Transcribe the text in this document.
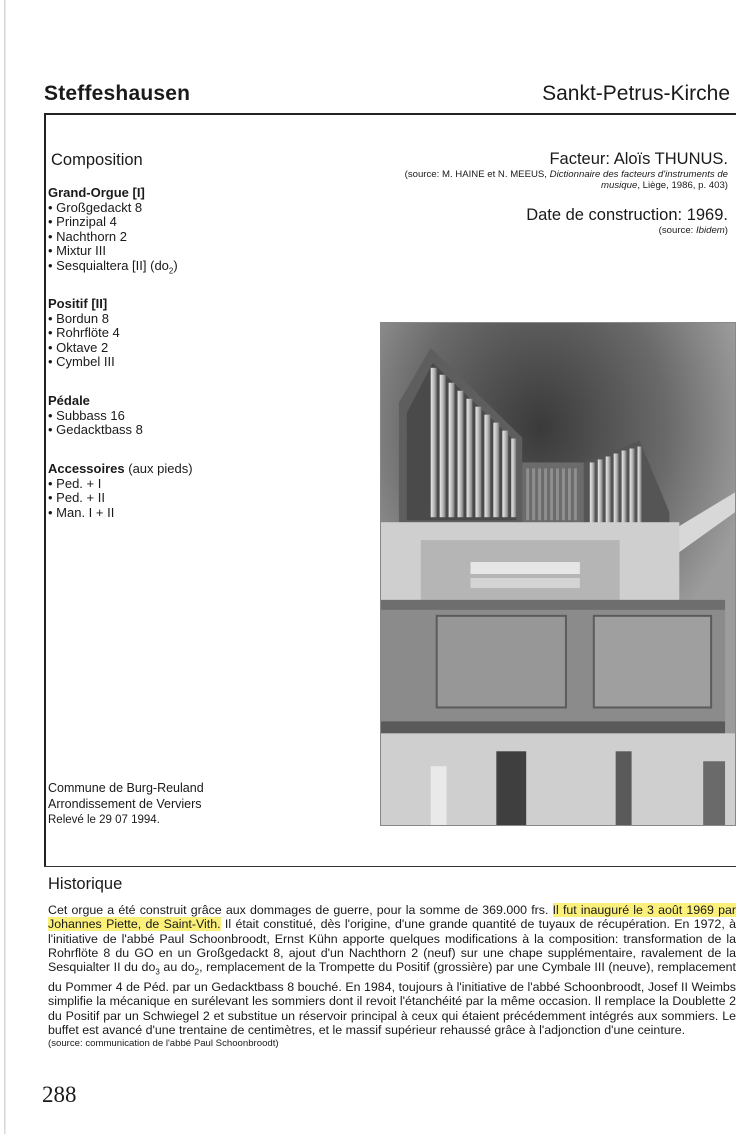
Steffeshausen	Sankt-Petrus-Kirche
Composition
Grand-Orgue [I]
• Großgedackt 8
• Prinzipal 4
• Nachthorn 2
• Mixtur III
• Sesquialtera [II] $(do_2)$
Positif [II]
• Bordun 8
• Rohrflöte 4
• Oktave 2
• Cymbel III
Pédale
• Subbass 16
• Gedacktbass 8
Accessoires (aux pieds)
• Ped. + I
• Ped. + II
• Man. I + II
Facteur: Aloïs THUNUS.
(source: M. HAINE et N. MEEUS, Dictionnaire des facteurs d'instruments de musique, Liège, 1986, p. 403)
Date de construction: 1969.
(source: Ibidem)
Commune de Burg-Reuland
Arrondissement de Verviers
Relevé le 29 07 1994.
Historique
Cet orgue a été construit grâce aux dommages de guerre, pour la somme de 369.000 frs. Il fut inauguré le 3 août 1969 par Johannes Piette, de Saint-Vith. Il était constitué, dès l'origine, d'une grande quantité de tuyaux de récupération. En 1972, à l'initiative de l'abbé Paul Schoonbroodt, Ernst Kühn apporte quelques modifications à la composition: transformation de la Rohrflöte 8 du GO en un Großgedackt 8, ajout d'un Nachthorn 2 (neuf) sur une chape supplémentaire, ravalement de la Sesquialter II du $do_3$ au $do_2$, remplacement de la Trompette du Positif (grossière) par une Cymbale III (neuve), remplacement du Pommer 4 de Péd. par un Gedacktbass 8 bouché. En 1984, toujours à l'initiative de l'abbé Schoonbroodt, Josef II Weimbs simplifie la mécanique en surélevant les sommiers dont il revoit l'étanchéité par la même occasion. Il remplace la Doublette 2 du Positif par un Schwiegel 2 et substitue un réservoir principal à ceux qui étaient précédemment intégrés aux sommiers. Le buffet est avancé d'une trentaine de centimètres, et le massif supérieur rehaussé grâce à l'adjonction d'une ceinture.
(source: communication de l'abbé Paul Schoonbroodt)
288
